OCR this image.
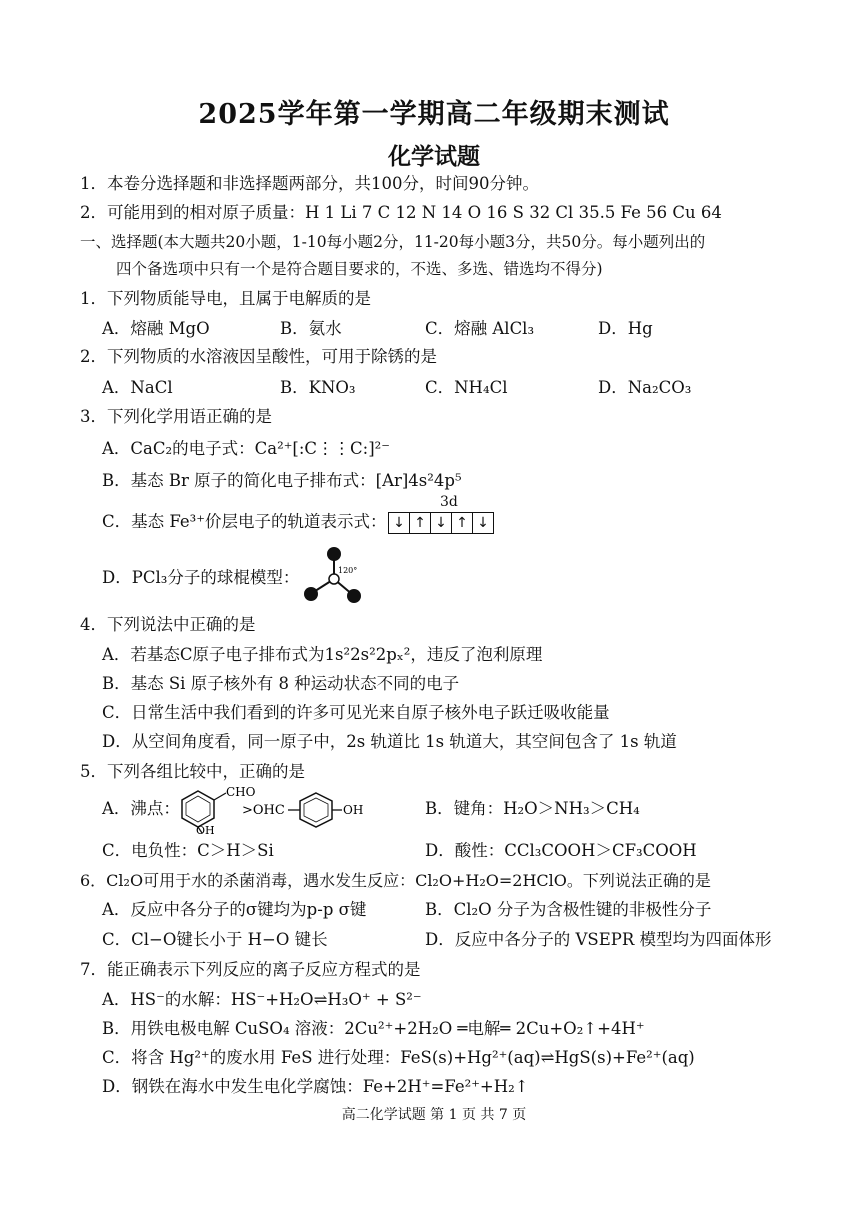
2025学年第一学期高二年级期末测试
化学试题
1．本卷分选择题和非选择题两部分，共100分，时间90分钟。
2．可能用到的相对原子质量：H 1 Li 7 C 12 N 14 O 16 S 32 Cl 35.5 Fe 56 Cu 64
一、选择题(本大题共20小题，1-10每小题2分，11-20每小题3分，共50分。每小题列出的
四个备选项中只有一个是符合题目要求的，不选、多选、错选均不得分)
1．下列物质能导电，且属于电解质的是
A．熔融 MgO	B．氨水	C．熔融 AlCl₃	D．Hg
2．下列物质的水溶液因呈酸性，可用于除锈的是
A．NaCl	B．KNO₃	C．NH₄Cl	D．Na₂CO₃
3．下列化学用语正确的是
A．CaC₂的电子式：Ca²⁺[:C⋮⋮C:]²⁻
B．基态 Br 原子的简化电子排布式：[Ar]4s²4p⁵
C．基态 Fe³⁺价层电子的轨道表示式：
3d
↓ ↑ ↓ ↑ ↓
D．PCl₃分子的球棍模型：	120°
4．下列说法中正确的是
A．若基态C原子电子排布式为1s²2s²2pₓ²，违反了泡利原理
B．基态 Si 原子核外有 8 种运动状态不同的电子
C．日常生活中我们看到的许多可见光来自原子核外电子跃迁吸收能量
D．从空间角度看，同一原子中，2s 轨道比 1s 轨道大，其空间包含了 1s 轨道
5．下列各组比较中，正确的是
A．沸点：
CHO
OH
>OHC	OH	B．键角：H₂O＞NH₃＞CH₄
C．电负性：C＞H＞Si	D．酸性：CCl₃COOH＞CF₃COOH
6．Cl₂O可用于水的杀菌消毒，遇水发生反应：Cl₂O+H₂O=2HClO。下列说法正确的是
A．反应中各分子的σ键均为p-p σ键	B．Cl₂O 分子为含极性键的非极性分子
C．Cl−O键长小于 H−O 键长	D．反应中各分子的 VSEPR 模型均为四面体形
7．能正确表示下列反应的离子反应方程式的是
A．HS⁻的水解：HS⁻+H₂O⇌H₃O⁺ + S²⁻
B．用铁电极电解 CuSO₄ 溶液：2Cu²⁺+2H₂O ═电解═ 2Cu+O₂↑+4H⁺
C．将含 Hg²⁺的废水用 FeS 进行处理：FeS(s)+Hg²⁺(aq)⇌HgS(s)+Fe²⁺(aq)
D．钢铁在海水中发生电化学腐蚀：Fe+2H⁺=Fe²⁺+H₂↑
高二化学试题 第 1 页 共 7 页
